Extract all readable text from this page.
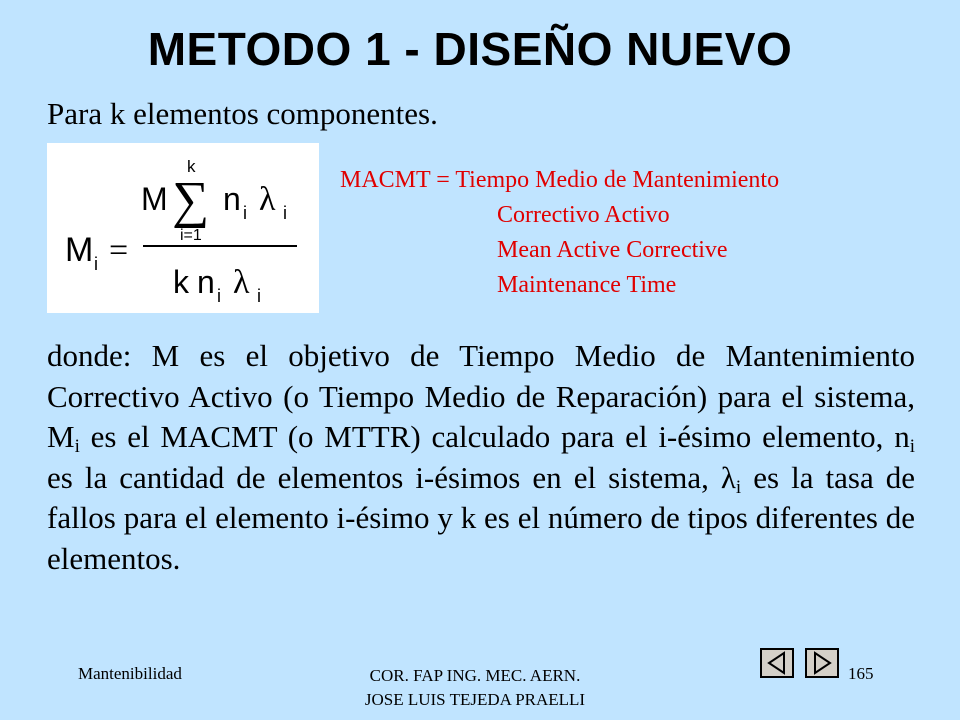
METODO 1 - DISEÑO NUEVO
Para k elementos componentes.
M i =
M
k
∑
i=1
n i λ i
k n i λ i
MACMT = Tiempo Medio de Mantenimiento
Correctivo Activo
Mean Active Corrective
Maintenance Time
donde: M es el objetivo de Tiempo Medio de Mantenimiento Correctivo Activo (o Tiempo Medio de Reparación) para el sistema, $M_i$ es el MACMT (o MTTR) calculado para el i-ésimo elemento, $n_i$ es la cantidad de elementos i-ésimos en el sistema, $\lambda_i$ es la tasa de fallos para el elemento i-ésimo y k es el número de tipos diferentes de elementos.
Mantenibilidad	COR. FAP ING. MEC. AERN.
JOSE LUIS TEJEDA PRAELLI
165
